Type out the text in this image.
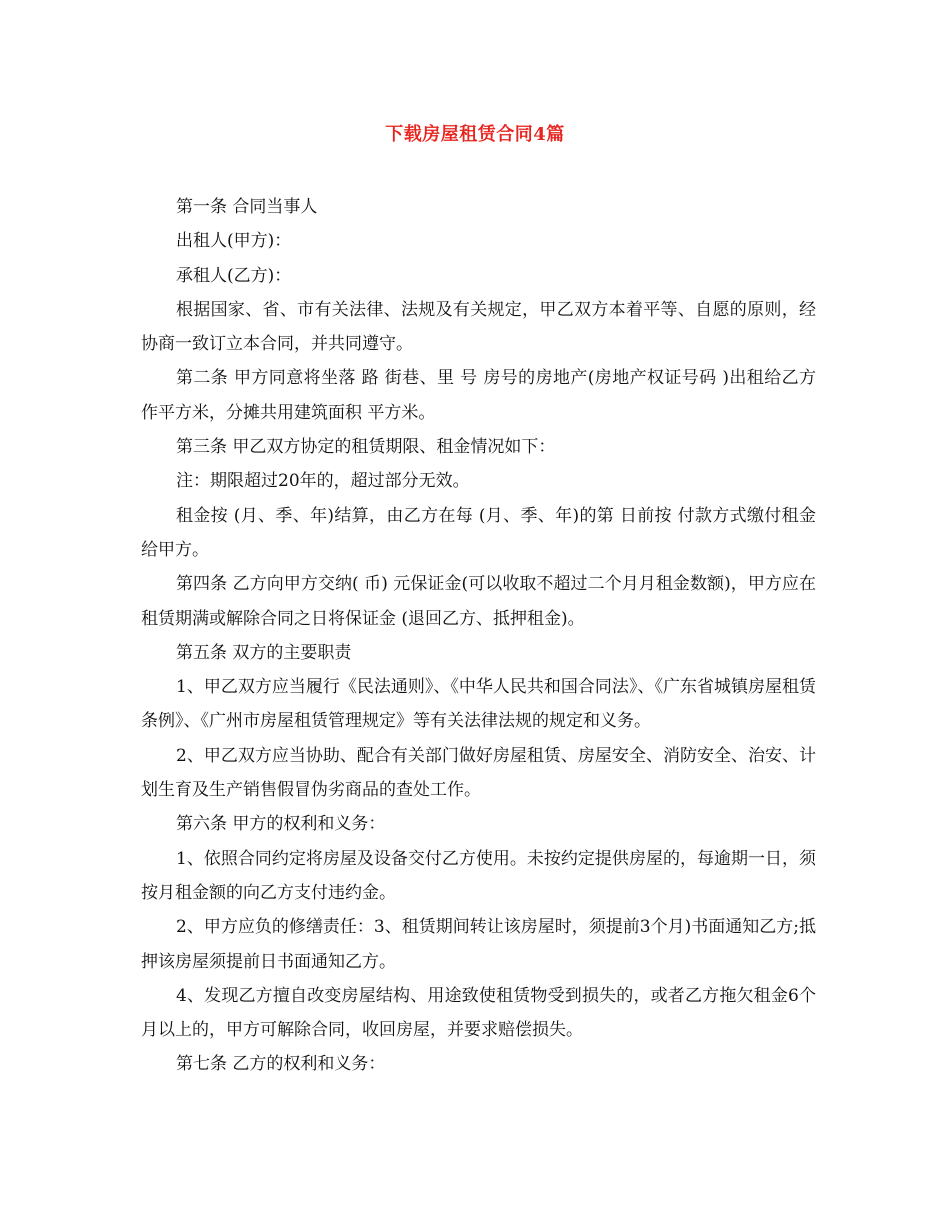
下载房屋租赁合同4篇

第一条 合同当事人

出租人(甲方)：

承租人(乙方)：

根据国家、省、市有关法律、法规及有关规定，甲乙双方本着平等、自愿的原则，经协商一致订立本合同，并共同遵守。

第二条 甲方同意将坐落 路 街巷、里 号 房号的房地产(房地产权证号码 )出租给乙方作平方米，分摊共用建筑面积 平方米。

第三条 甲乙双方协定的租赁期限、租金情况如下：

注：期限超过20年的，超过部分无效。

租金按 (月、季、年)结算，由乙方在每 (月、季、年)的第 日前按 付款方式缴付租金给甲方。

第四条 乙方向甲方交纳( 币) 元保证金(可以收取不超过二个月月租金数额)，甲方应在租赁期满或解除合同之日将保证金 (退回乙方、抵押租金)。

第五条 双方的主要职责

1、甲乙双方应当履行《民法通则》、《中华人民共和国合同法》、《广东省城镇房屋租赁条例》、《广州市房屋租赁管理规定》等有关法律法规的规定和义务。

2、甲乙双方应当协助、配合有关部门做好房屋租赁、房屋安全、消防安全、治安、计划生育及生产销售假冒伪劣商品的查处工作。

第六条 甲方的权利和义务：

1、依照合同约定将房屋及设备交付乙方使用。未按约定提供房屋的，每逾期一日，须按月租金额的向乙方支付违约金。

2、甲方应负的修缮责任：3、租赁期间转让该房屋时，须提前3个月)书面通知乙方;抵押该房屋须提前日书面通知乙方。

4、发现乙方擅自改变房屋结构、用途致使租赁物受到损失的，或者乙方拖欠租金6个月以上的，甲方可解除合同，收回房屋，并要求赔偿损失。

第七条 乙方的权利和义务：
